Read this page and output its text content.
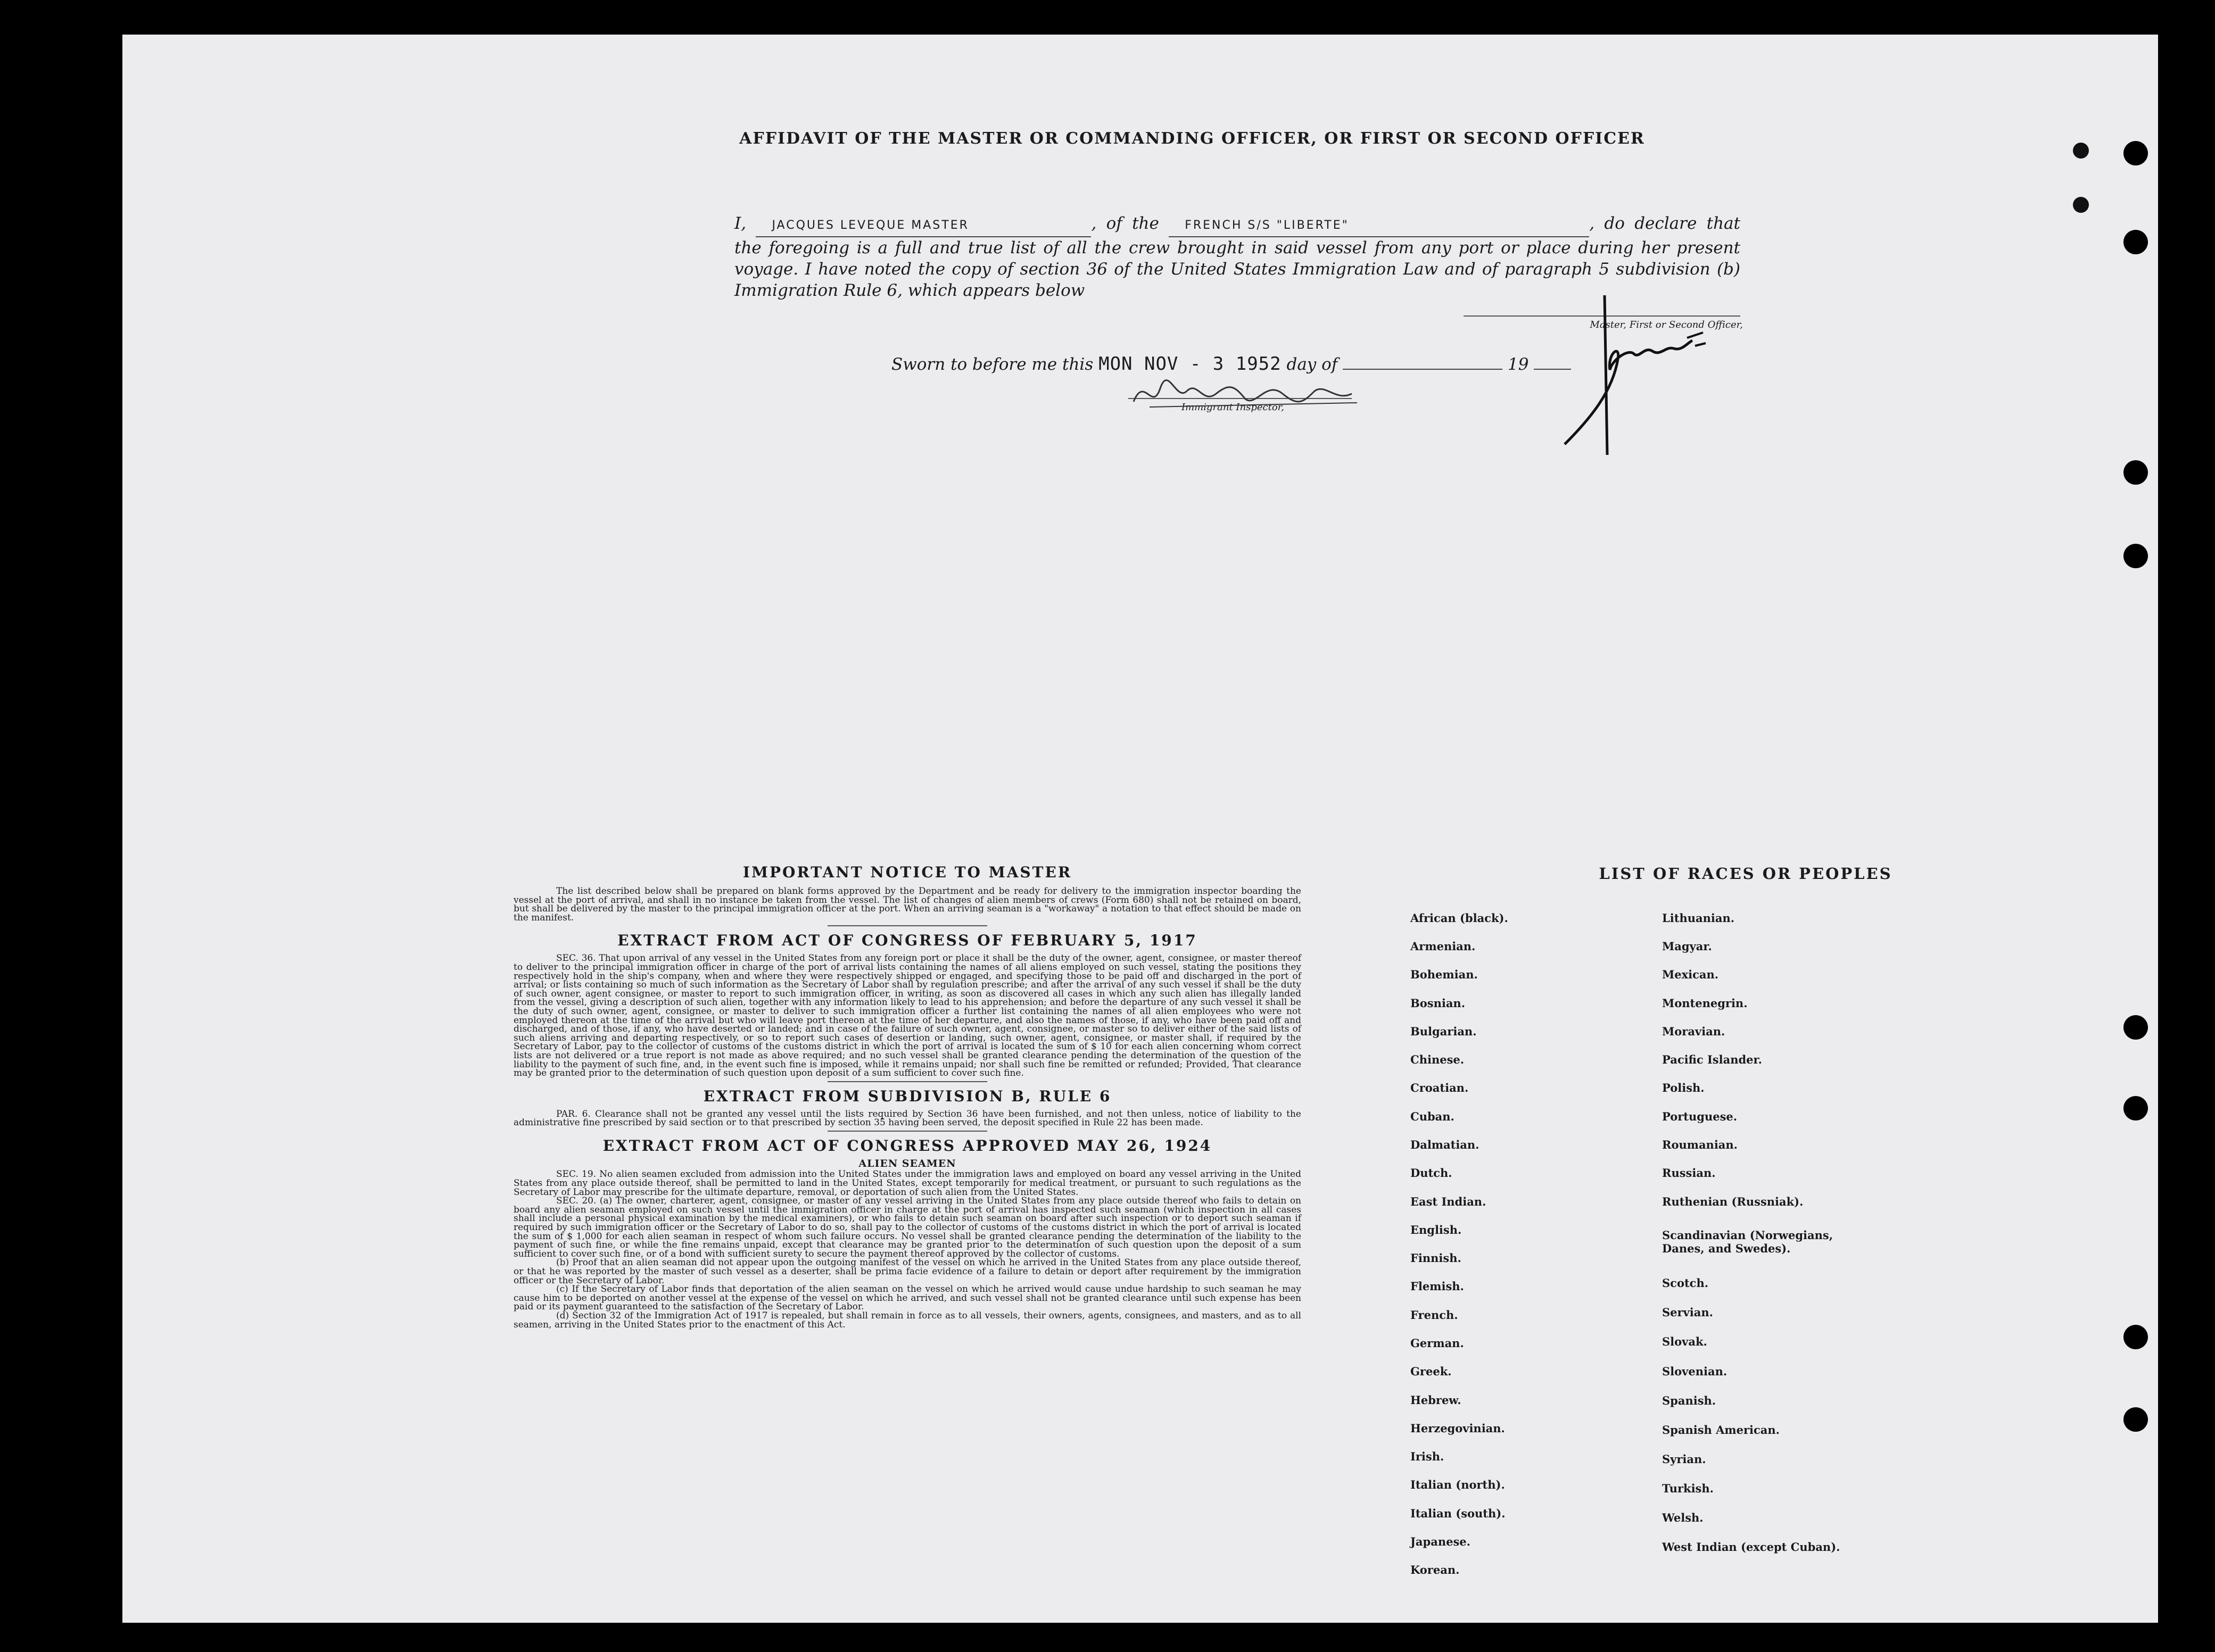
AFFIDAVIT OF THE MASTER OR COMMANDING OFFICER, OR FIRST OR SECOND OFFICER
I, JACQUES LEVEQUE MASTER	, of the FRENCH S/S "LIBERTE"	, do declare that the foregoing is a full and true list of all the crew brought in said vessel from any port or place during her present voyage. I have noted the copy of section 36 of the United States Immigration Law and of paragraph 5 subdivision (b) Immigration Rule 6, which appears below
Master, First or Second Officer,
Sworn to before me this MON NOV - 3 1952 day of	19
Immigrant Inspector,
IMPORTANT NOTICE TO MASTER

The list described below shall be prepared on blank forms approved by the Department and be ready for delivery to the immigration inspector boarding the vessel at the port of arrival, and shall in no instance be taken from the vessel. The list of changes of alien members of crews (Form 680) shall not be retained on board, but shall be delivered by the master to the principal immigration officer at the port. When an arriving seaman is a "workaway" a notation to that effect should be made on the manifest.

EXTRACT FROM ACT OF CONGRESS OF FEBRUARY 5, 1917

SEC. 36. That upon arrival of any vessel in the United States from any foreign port or place it shall be the duty of the owner, agent, consignee, or master thereof to deliver to the principal immigration officer in charge of the port of arrival lists containing the names of all aliens employed on such vessel, stating the positions they respectively hold in the ship's company, when and where they were respectively shipped or engaged, and specifying those to be paid off and discharged in the port of arrival; or lists containing so much of such information as the Secretary of Labor shall by regulation prescribe; and after the arrival of any such vessel it shall be the duty of such owner, agent consignee, or master to report to such immigration officer, in writing, as soon as discovered all cases in which any such alien has illegally landed from the vessel, giving a description of such alien, together with any information likely to lead to his apprehension; and before the departure of any such vessel it shall be the duty of such owner, agent, consignee, or master to deliver to such immigration officer a further list containing the names of all alien employees who were not employed thereon at the time of the arrival but who will leave port thereon at the time of her departure, and also the names of those, if any, who have been paid off and discharged, and of those, if any, who have deserted or landed; and in case of the failure of such owner, agent, consignee, or master so to deliver either of the said lists of such aliens arriving and departing respectively, or so to report such cases of desertion or landing, such owner, agent, consignee, or master shall, if required by the Secretary of Labor, pay to the collector of customs of the customs district in which the port of arrival is located the sum of $ 10 for each alien concerning whom correct lists are not delivered or a true report is not made as above required; and no such vessel shall be granted clearance pending the determination of the question of the liability to the payment of such fine, and, in the event such fine is imposed, while it remains unpaid; nor shall such fine be remitted or refunded; Provided, That clearance may be granted prior to the determination of such question upon deposit of a sum sufficient to cover such fine.

EXTRACT FROM SUBDIVISION B, RULE 6

PAR. 6. Clearance shall not be granted any vessel until the lists required by Section 36 have been furnished, and not then unless, notice of liability to the administrative fine prescribed by said section or to that prescribed by section 35 having been served, the deposit specified in Rule 22 has been made.

EXTRACT FROM ACT OF CONGRESS APPROVED MAY 26, 1924
ALIEN SEAMEN

SEC. 19. No alien seamen excluded from admission into the United States under the immigration laws and employed on board any vessel arriving in the United States from any place outside thereof, shall be permitted to land in the United States, except temporarily for medical treatment, or pursuant to such regulations as the Secretary of Labor may prescribe for the ultimate departure, removal, or deportation of such alien from the United States.

SEC. 20. (a) The owner, charterer, agent, consignee, or master of any vessel arriving in the United States from any place outside thereof who fails to detain on board any alien seaman employed on such vessel until the immigration officer in charge at the port of arrival has inspected such seaman (which inspection in all cases shall include a personal physical examination by the medical examiners), or who fails to detain such seaman on board after such inspection or to deport such seaman if required by such immigration officer or the Secretary of Labor to do so, shall pay to the collector of customs of the customs district in which the port of arrival is located the sum of $ 1,000 for each alien seaman in respect of whom such failure occurs. No vessel shall be granted clearance pending the determination of the liability to the payment of such fine, or while the fine remains unpaid, except that clearance may be granted prior to the determination of such question upon the deposit of a sum sufficient to cover such fine, or of a bond with sufficient surety to secure the payment thereof approved by the collector of customs.

(b) Proof that an alien seaman did not appear upon the outgoing manifest of the vessel on which he arrived in the United States from any place outside thereof, or that he was reported by the master of such vessel as a deserter, shall be prima facie evidence of a failure to detain or deport after requirement by the immigration officer or the Secretary of Labor.

(c) If the Secretary of Labor finds that deportation of the alien seaman on the vessel on which he arrived would cause undue hardship to such seaman he may cause him to be deported on another vessel at the expense of the vessel on which he arrived, and such vessel shall not be granted clearance until such expense has been paid or its payment guaranteed to the satisfaction of the Secretary of Labor.

(d) Section 32 of the Immigration Act of 1917 is repealed, but shall remain in force as to all vessels, their owners, agents, consignees, and masters, and as to all seamen, arriving in the United States prior to the enactment of this Act.

LIST OF RACES OR PEOPLES
African (black).
Armenian.
Bohemian.
Bosnian.
Bulgarian.
Chinese.
Croatian.
Cuban.
Dalmatian.
Dutch.
East Indian.
English.
Finnish.
Flemish.
French.
German.
Greek.
Hebrew.
Herzegovinian.
Irish.
Italian (north).
Italian (south).
Japanese.
Korean.
Lithuanian.
Magyar.
Mexican.
Montenegrin.
Moravian.
Pacific Islander.
Polish.
Portuguese.
Roumanian.
Russian.
Ruthenian (Russniak).
Scandinavian (Norwegians, Danes, and Swedes).
Scotch.
Servian.
Slovak.
Slovenian.
Spanish.
Spanish American.
Syrian.
Turkish.
Welsh.
West Indian (except Cuban).
